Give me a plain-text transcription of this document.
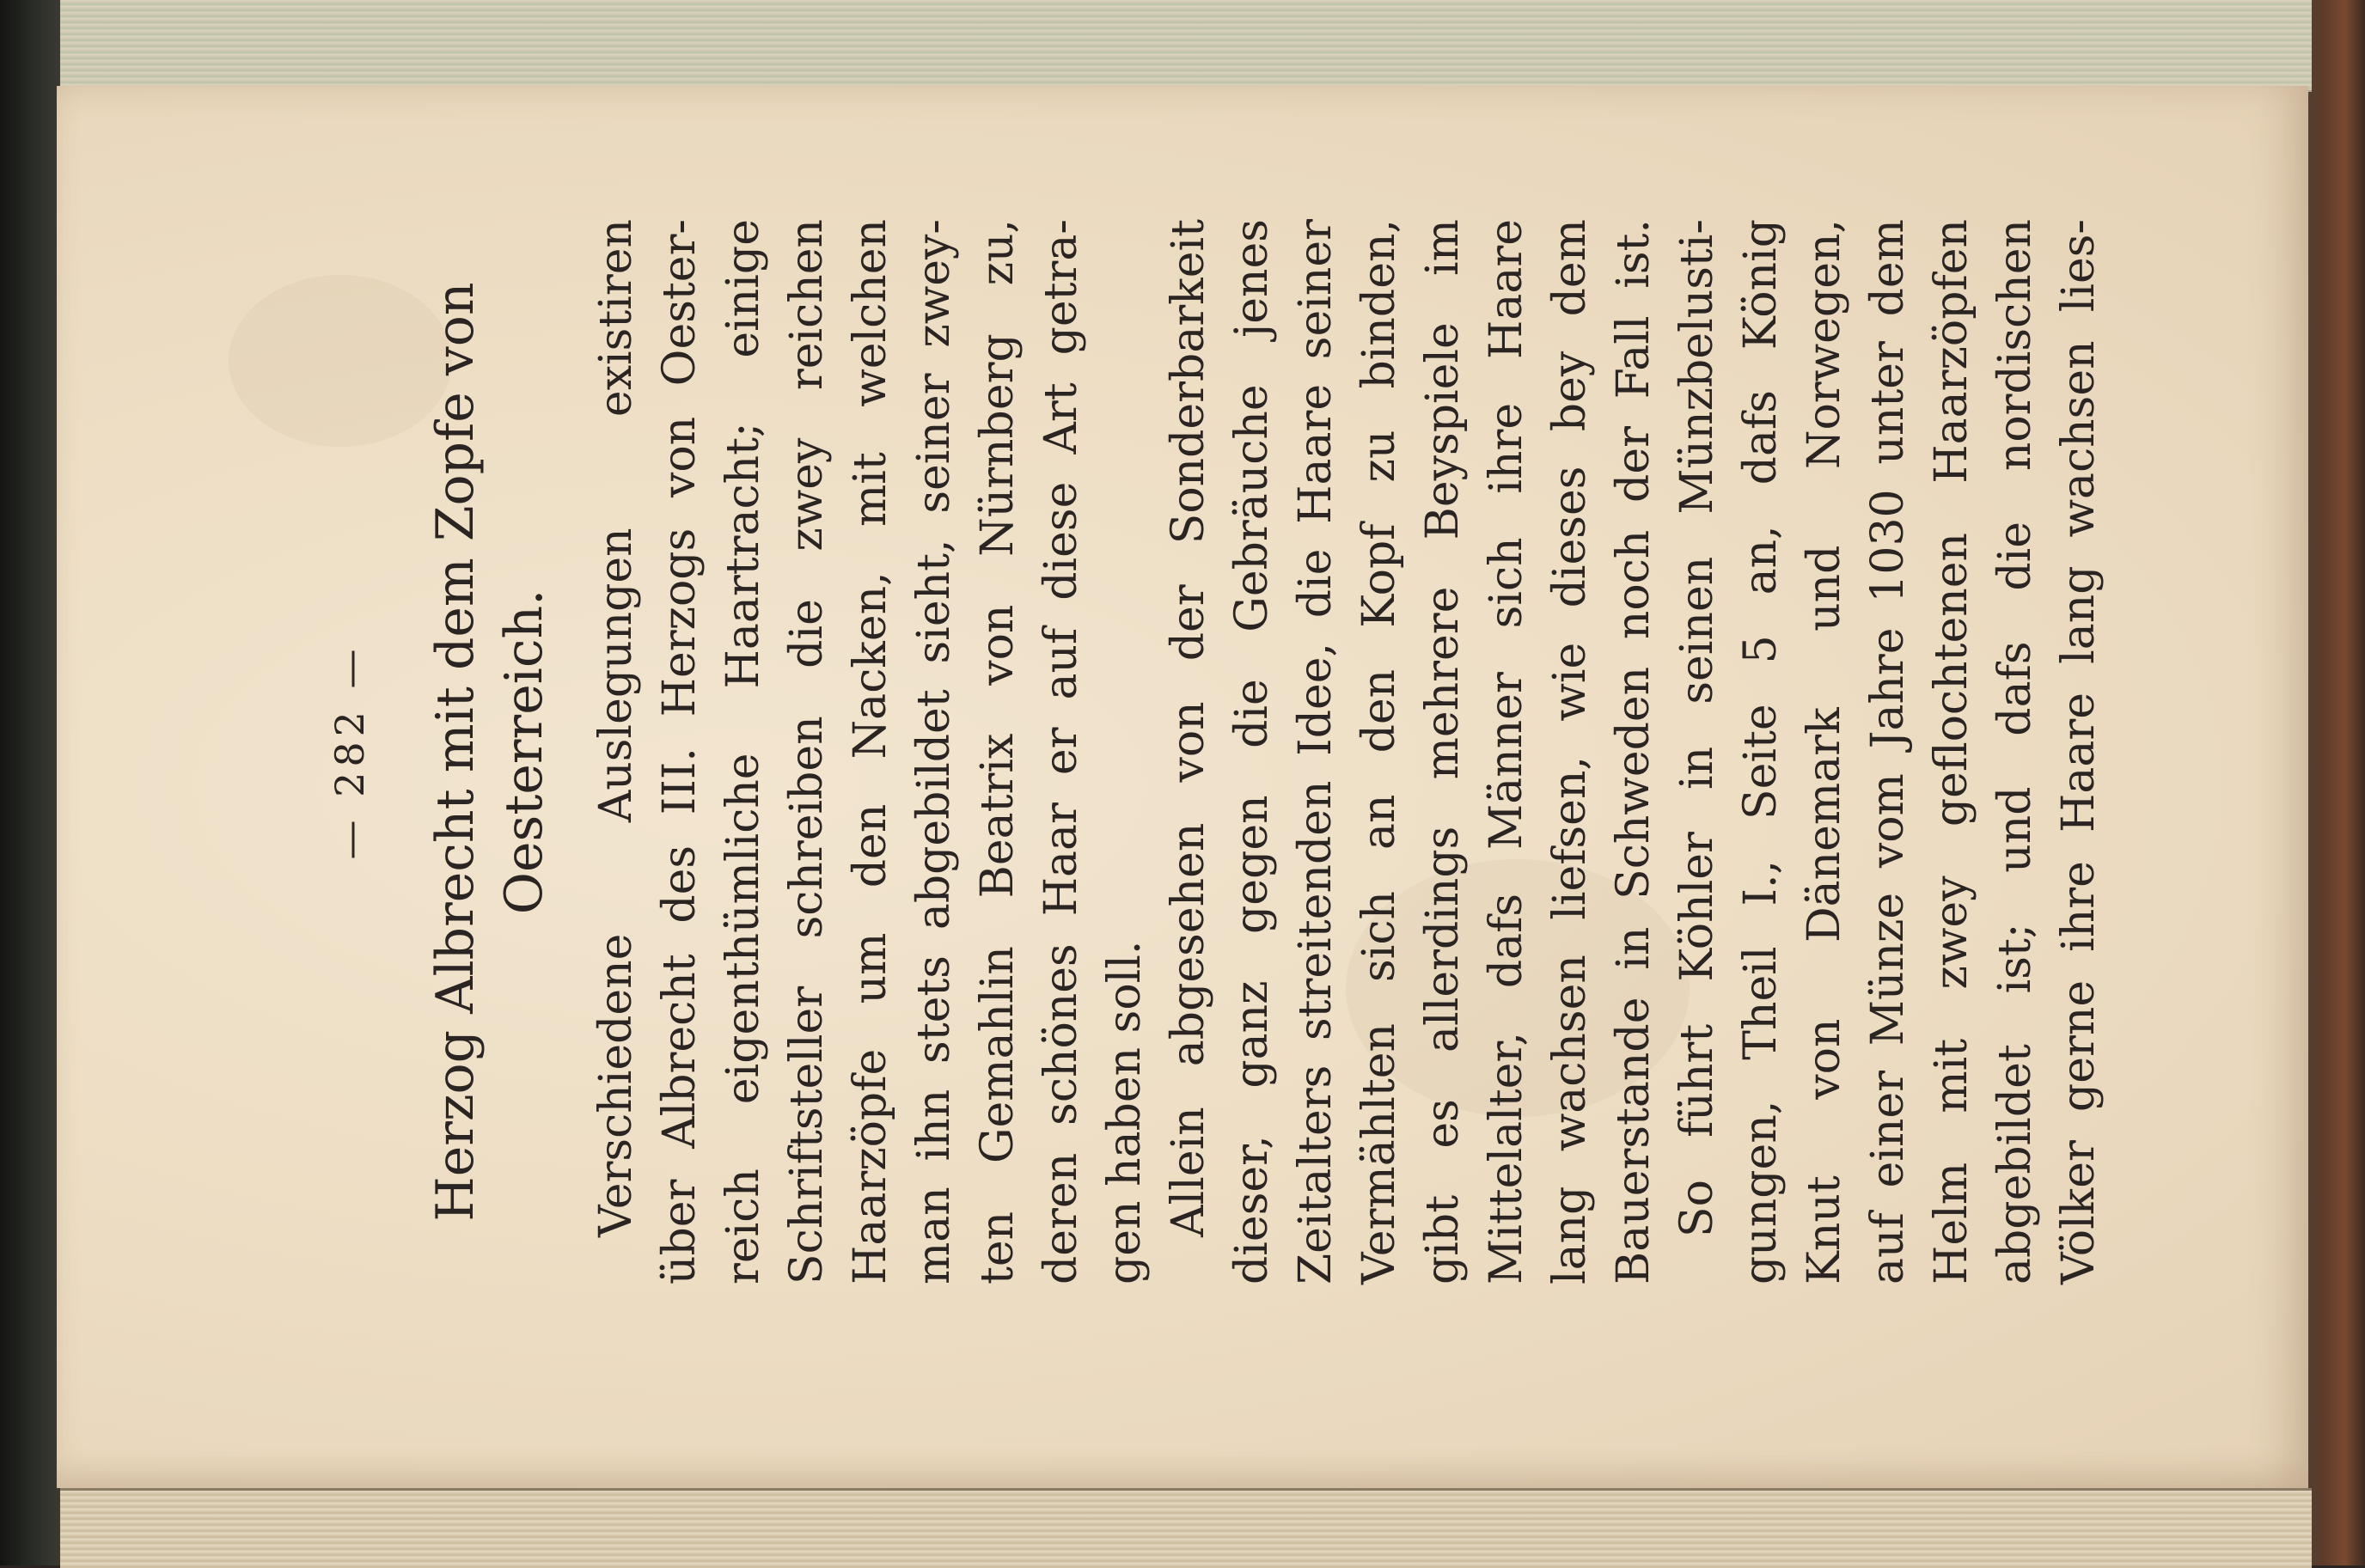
— 282 — Herzog Albrecht mit dem Zopfe von Oesterreich. Verschiedene Auslegungen existiren über Albrecht des III. Herzogs von Oester- reich eigenthümliche Haartracht; einige Schriftsteller schreiben die zwey reichen Haarzöpfe um den Nacken, mit welchen man ihn stets abgebildet sieht, seiner zwey- ten Gemahlin Beatrix von Nürnberg zu, deren schönes Haar er auf diese Art getra- gen haben soll. Allein abgesehen von der Sonderbarkeit dieser, ganz gegen die Gebräuche jenes Zeitalters streitenden Idee, die Haare seiner Vermählten sich an den Kopf zu binden, gibt es allerdings mehrere Beyspiele im Mittelalter, dafs Männer sich ihre Haare lang wachsen liefsen, wie dieses bey dem Bauerstande in Schweden noch der Fall ist. So führt Köhler in seinen Münzbelusti- gungen, Theil I., Seite 5 an, dafs König Knut von Dänemark und Norwegen, auf einer Münze vom Jahre 1030 unter dem Helm mit zwey geflochtenen Haarzöpfen abgebildet ist; und dafs die nordischen Völker gerne ihre Haare lang wachsen lies-
